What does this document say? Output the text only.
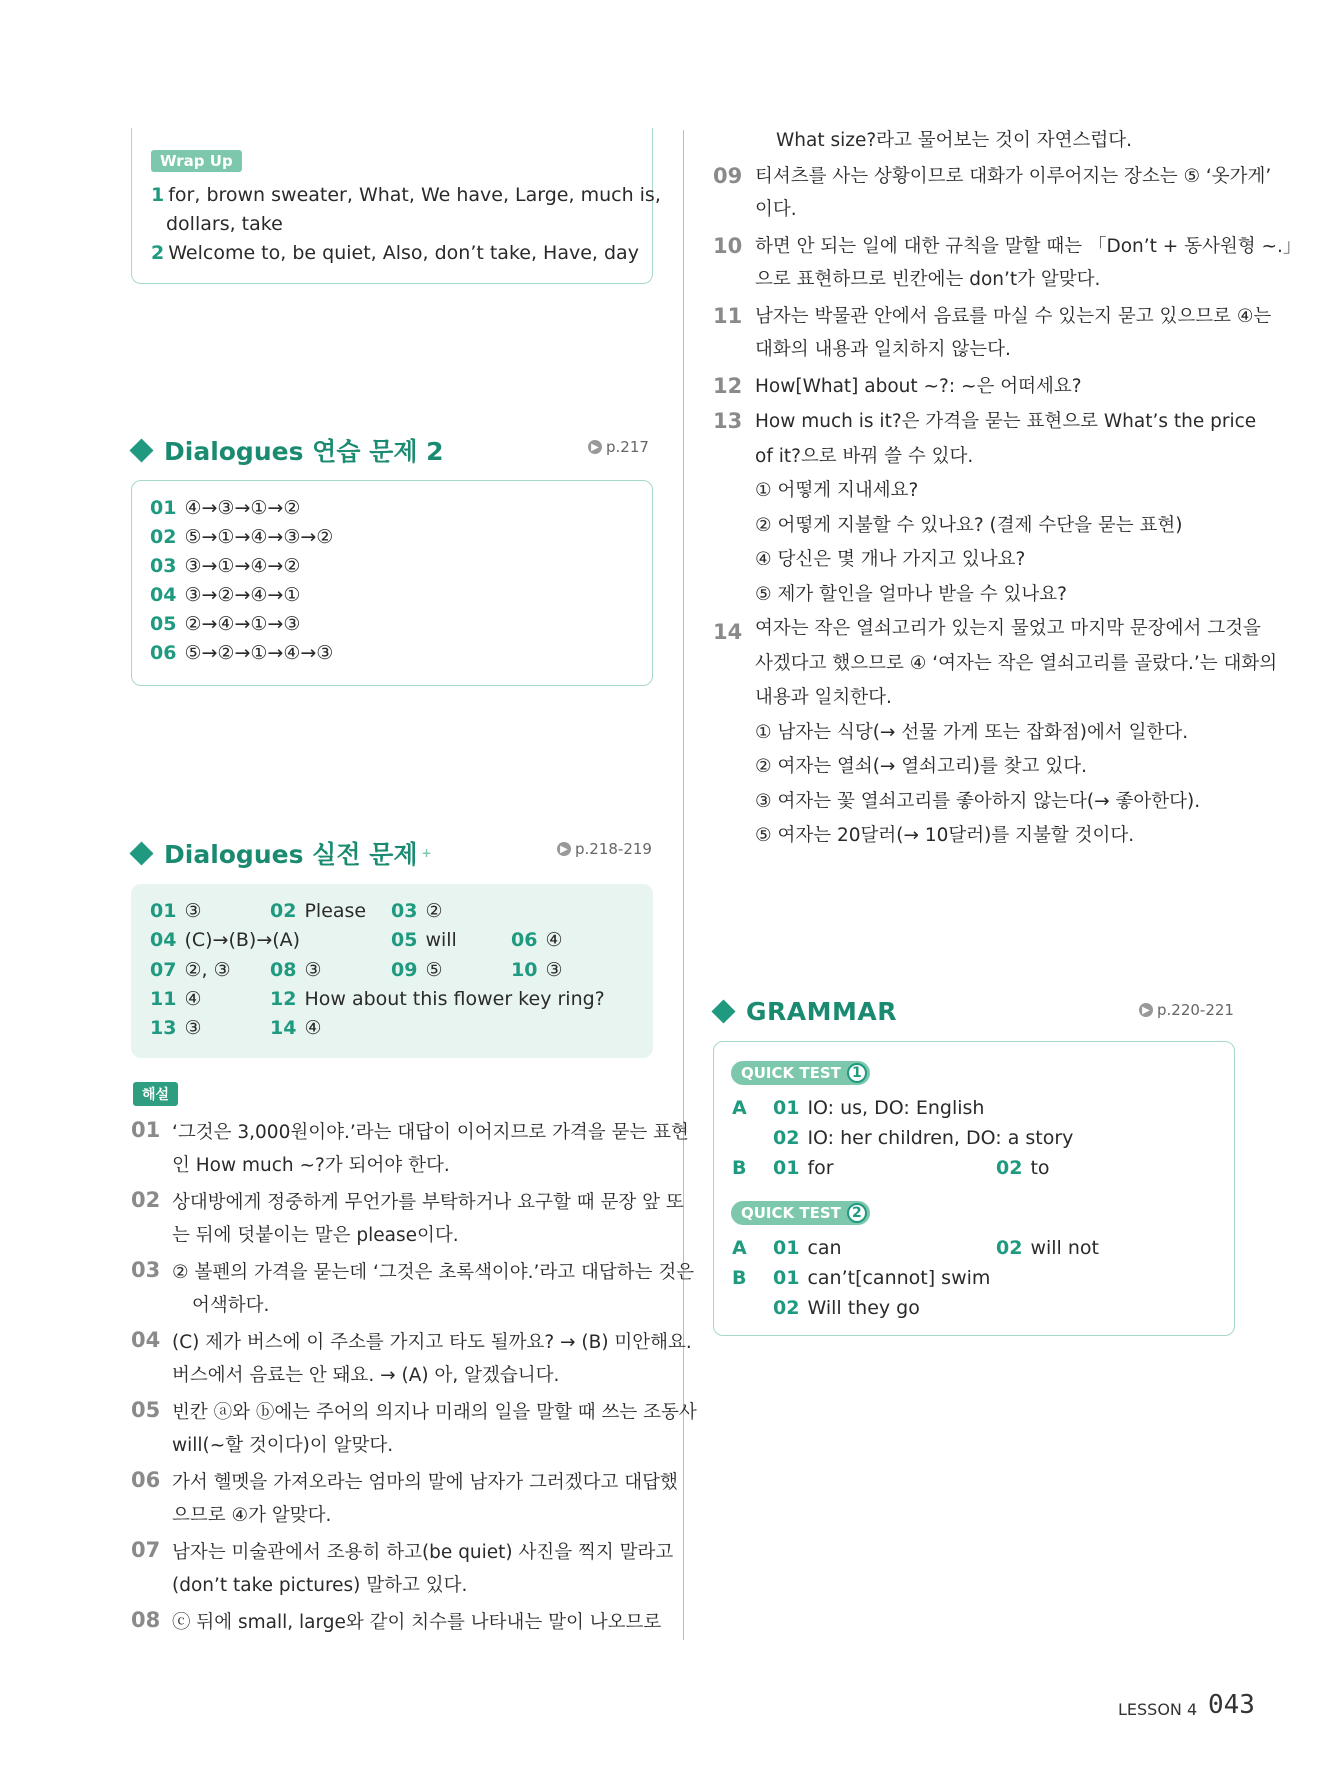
Wrap Up
1 for, brown sweater, What, We have, Large, much is,
dollars, take
2 Welcome to, be quiet, Also, don’t take, Have, day
Dialogues 연습 문제 2	▶ p.217
01 ④→③→①→②
02 ⑤→①→④→③→②
03 ③→①→④→②
04 ③→②→④→①
05 ②→④→①→③
06 ⑤→②→①→④→③
Dialogues 실전 문제 +	▶ p.218-219
01 ③	02 Please 03 ②
04 (C)→(B)→(A)	05 will	06 ④
07 ②, ③ 08 ③	09 ⑤	10 ③
11 ④	12 How about this flower key ring?
13 ③	14 ④
해설
01 ‘그것은 3,000원이야.’라는 대답이 이어지므로 가격을 묻는 표현
인 How much ~?가 되어야 한다.
02 상대방에게 정중하게 무언가를 부탁하거나 요구할 때 문장 앞 또
는 뒤에 덧붙이는 말은 please이다.
03 ② 볼펜의 가격을 묻는데 ‘그것은 초록색이야.’라고 대답하는 것은
어색하다.
04 (C) 제가 버스에 이 주소를 가지고 타도 될까요? → (B) 미안해요.
버스에서 음료는 안 돼요. → (A) 아, 알겠습니다.
05 빈칸 ⓐ와 ⓑ에는 주어의 의지나 미래의 일을 말할 때 쓰는 조동사
will(~할 것이다)이 알맞다.
06 가서 헬멧을 가져오라는 엄마의 말에 남자가 그러겠다고 대답했
으므로 ④가 알맞다.
07 남자는 미술관에서 조용히 하고(be quiet) 사진을 찍지 말라고
(don’t take pictures) 말하고 있다.
08 ⓒ 뒤에 small, large와 같이 치수를 나타내는 말이 나오므로
What size?라고 물어보는 것이 자연스럽다.
09 티셔츠를 사는 상황이므로 대화가 이루어지는 장소는 ⑤ ‘옷가게’
이다.
10 하면 안 되는 일에 대한 규칙을 말할 때는 「Don’t + 동사원형 ~.」
으로 표현하므로 빈칸에는 don’t가 알맞다.
11 남자는 박물관 안에서 음료를 마실 수 있는지 묻고 있으므로 ④는
대화의 내용과 일치하지 않는다.
12 How[What] about ~?: ~은 어떠세요?
13 How much is it?은 가격을 묻는 표현으로 What’s the price
of it?으로 바꿔 쓸 수 있다.
① 어떻게 지내세요?
② 어떻게 지불할 수 있나요? (결제 수단을 묻는 표현)
④ 당신은 몇 개나 가지고 있나요?
⑤ 제가 할인을 얼마나 받을 수 있나요?
14 여자는 작은 열쇠고리가 있는지 물었고 마지막 문장에서 그것을
사겠다고 했으므로 ④ ‘여자는 작은 열쇠고리를 골랐다.’는 대화의
내용과 일치한다.
① 남자는 식당(→ 선물 가게 또는 잡화점)에서 일한다.
② 여자는 열쇠(→ 열쇠고리)를 찾고 있다.
③ 여자는 꽃 열쇠고리를 좋아하지 않는다(→ 좋아한다).
⑤ 여자는 20달러(→ 10달러)를 지불할 것이다.
GRAMMAR	▶ p.220-221
QUICK TEST 1
A 01 IO: us, DO: English
02 IO: her children, DO: a story
B 01 for	02 to
QUICK TEST 2
A 01 can	02 will not
B 01 can’t[cannot] swim
02 Will they go
LESSON 4 043
